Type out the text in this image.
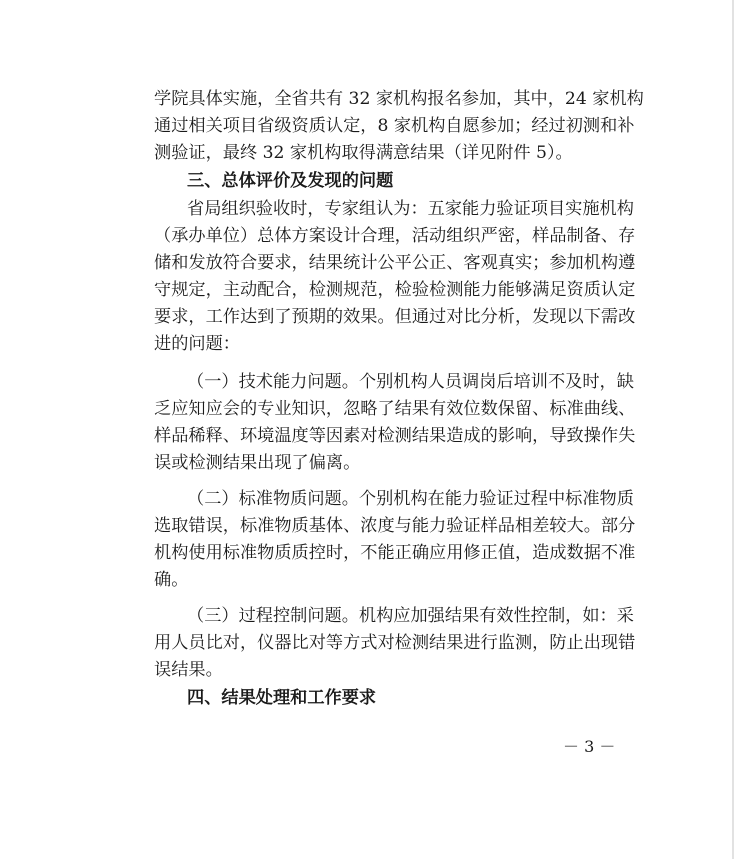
学院具体实施，全省共有 32 家机构报名参加，其中，24 家机构
通过相关项目省级资质认定，8 家机构自愿参加；经过初测和补
测验证，最终 32 家机构取得满意结果（详见附件 5）。
三、总体评价及发现的问题
省局组织验收时，专家组认为：五家能力验证项目实施机构
（承办单位）总体方案设计合理，活动组织严密，样品制备、存
储和发放符合要求，结果统计公平公正、客观真实；参加机构遵
守规定，主动配合，检测规范，检验检测能力能够满足资质认定
要求，工作达到了预期的效果。但通过对比分析，发现以下需改
进的问题：
（一）技术能力问题。个别机构人员调岗后培训不及时，缺
乏应知应会的专业知识，忽略了结果有效位数保留、标准曲线、
样品稀释、环境温度等因素对检测结果造成的影响，导致操作失
误或检测结果出现了偏离。
（二）标准物质问题。个别机构在能力验证过程中标准物质
选取错误，标准物质基体、浓度与能力验证样品相差较大。部分
机构使用标准物质质控时，不能正确应用修正值，造成数据不准
确。
（三）过程控制问题。机构应加强结果有效性控制，如：采
用人员比对，仪器比对等方式对检测结果进行监测，防止出现错
误结果。
四、结果处理和工作要求
－ 3 －
